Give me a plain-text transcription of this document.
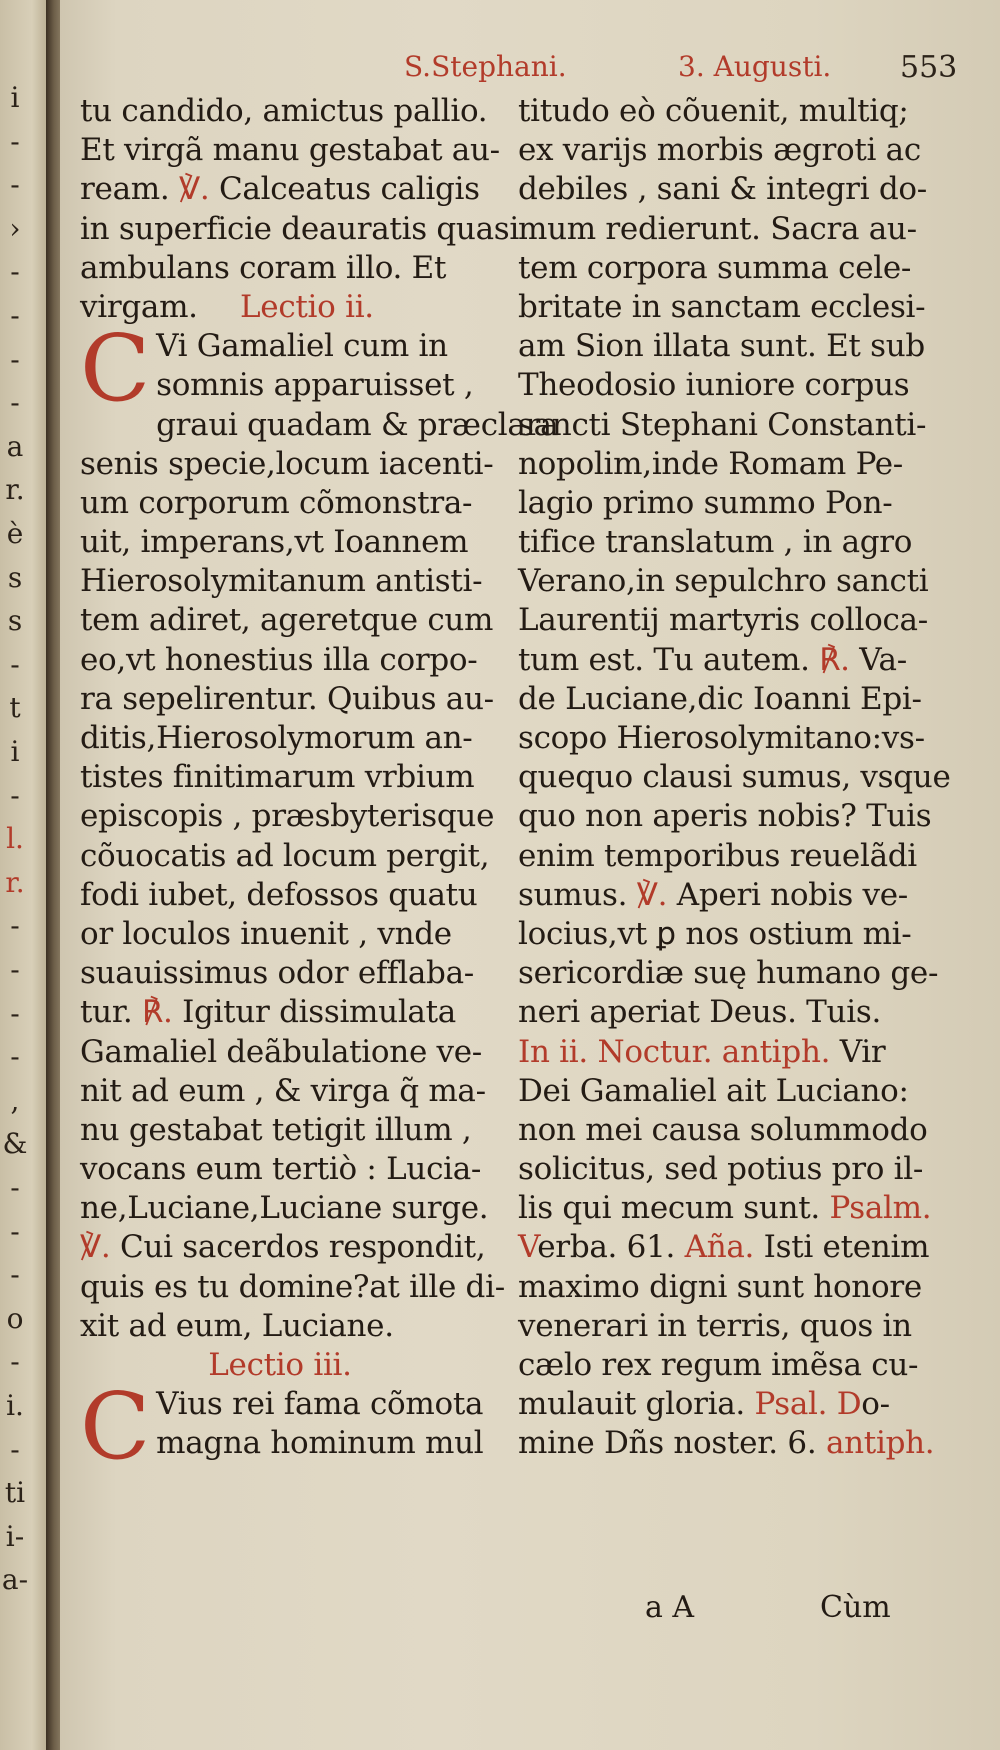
i
-
-
›
-
-
-
-
a
r.
è
s
s
-
t
i
-
l.
r.
-
-
-
-
,
&
-
-
-
o
-
i.
-
ti
i-
a-
S.Stephani.	3. Augusti. 553
tu candido, amictus pallio.
Et virgã manu gestabat au-
ream. ℣. Calceatus caligis
in superficie deauratis quasi
ambulans coram illo. Et
virgam. Lectio ii.
C Vi Gamaliel cum in
somnis apparuisset ,
graui quadam & præclara
senis specie,locum iacenti-
um corporum cõmonstra-
uit, imperans,vt Ioannem
Hierosolymitanum antisti-
tem adiret, ageretque cum
eo,vt honestius illa corpo-
ra sepelirentur. Quibus au-
ditis,Hierosolymorum an-
tistes finitimarum vrbium
episcopis , præsbyterisque
cõuocatis ad locum pergit,
fodi iubet, defossos quatu
or loculos inuenit , vnde
suauissimus odor efflaba-
tur. ℟. Igitur dissimulata
Gamaliel deãbulatione ve-
nit ad eum , & virga q̃ ma-
nu gestabat tetigit illum ,
vocans eum tertiò : Lucia-
ne,Luciane,Luciane surge.
℣. Cui sacerdos respondit,
quis es tu domine?at ille di-
xit ad eum, Luciane.
Lectio iii.
C Vius rei fama cõmota
magna hominum mul
titudo eò cõuenit, multiq;
ex varijs morbis ægroti ac
debiles , sani & integri do-
mum redierunt. Sacra au-
tem corpora summa cele-
britate in sanctam ecclesi-
am Sion illata sunt. Et sub
Theodosio iuniore corpus
sancti Stephani Constanti-
nopolim,inde Romam Pe-
lagio primo summo Pon-
tifice translatum , in agro
Verano,in sepulchro sancti
Laurentij martyris colloca-
tum est. Tu autem. ℟. Va-
de Luciane,dic Ioanni Epi-
scopo Hierosolymitano:vs-
quequo clausi sumus, vsque
quo non aperis nobis? Tuis
enim temporibus reuelãdi
sumus. ℣. Aperi nobis ve-
locius,vt ꝑ nos ostium mi-
sericordiæ suę humano ge-
neri aperiat Deus. Tuis.
In ii. Noctur. antiph. Vir
Dei Gamaliel ait Luciano:
non mei causa solummodo
solicitus, sed potius pro il-
lis qui mecum sunt. Psalm.
Verba. 61. Aña. Isti etenim
maximo digni sunt honore
venerari in terris, quos in
cælo rex regum imẽsa cu-
mulauit gloria. Psal. Do-
mine Dñs noster. 6. antiph.
a A	Cùm
